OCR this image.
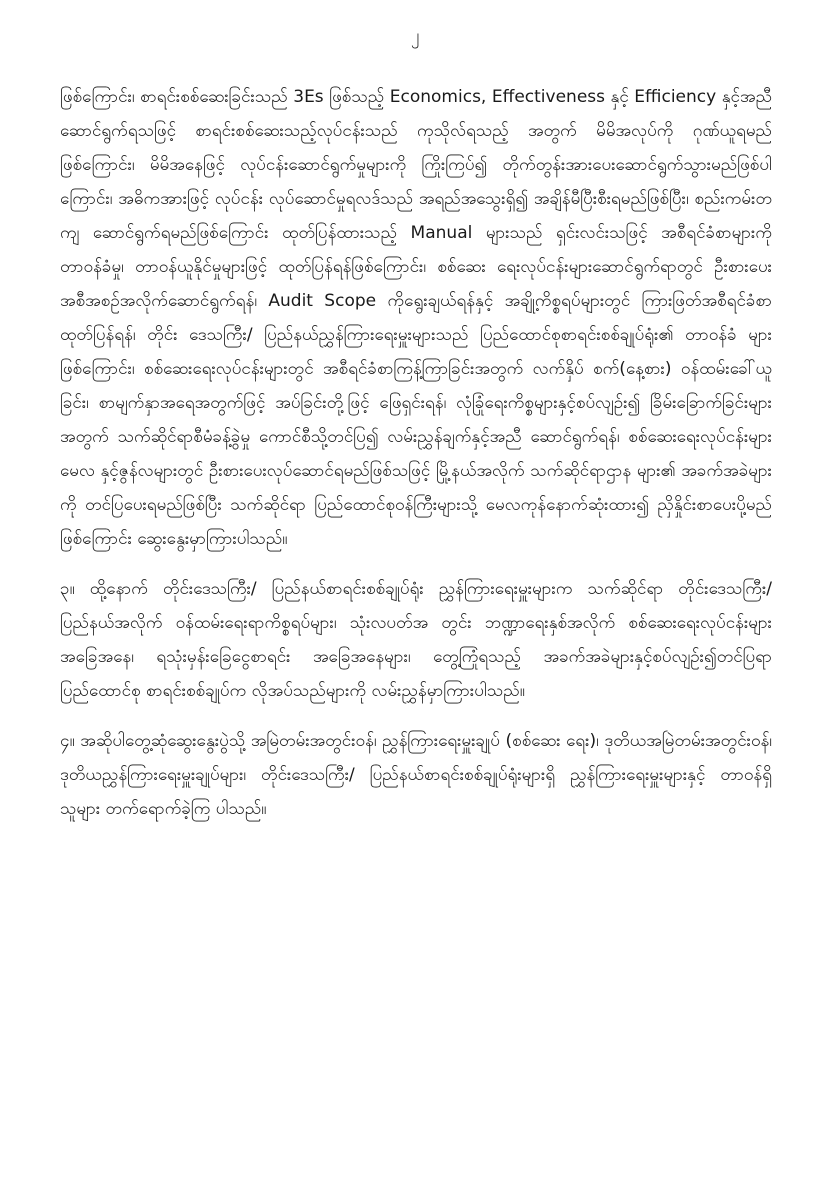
၂

ဖြစ်ကြောင်း၊ စာရင်းစစ်ဆေးခြင်းသည် 3Es ဖြစ်သည့် Economics, Effectiveness နှင့် Efficiency နှင့်အညီ ဆောင်ရွက်ရသဖြင့် စာရင်းစစ်ဆေးသည့်လုပ်ငန်းသည် ကုသိုလ်ရသည့် အတွက် မိမိအလုပ်ကို ဂုဏ်ယူရမည်ဖြစ်ကြောင်း၊ မိမိအနေဖြင့် လုပ်ငန်းဆောင်ရွက်မှုများကို ကြိုးကြပ်၍ တိုက်တွန်းအားပေးဆောင်ရွက်သွားမည်ဖြစ်ပါကြောင်း၊ အဓိကအားဖြင့် လုပ်ငန်း လုပ်ဆောင်မှုရလဒ်သည် အရည်အသွေးရှိ၍ အချိန်မီပြီးစီးရမည်ဖြစ်ပြီး၊ စည်းကမ်းတကျ ဆောင်ရွက်ရမည်ဖြစ်ကြောင်း ထုတ်ပြန်ထားသည့် Manual များသည် ရှင်းလင်းသဖြင့် အစီရင်ခံစာများကို တာဝန်ခံမှု၊ တာဝန်ယူနိုင်မှုများဖြင့် ထုတ်ပြန်ရန်ဖြစ်ကြောင်း၊ စစ်ဆေး ရေးလုပ်ငန်းများဆောင်ရွက်ရာတွင် ဦးစားပေးအစီအစဉ်အလိုက်ဆောင်ရွက်ရန်၊ Audit Scope ကိုရွေးချယ်ရန်နှင့် အချို့ကိစ္စရပ်များတွင် ကြားဖြတ်အစီရင်ခံစာထုတ်ပြန်ရန်၊ တိုင်း ဒေသကြီး/ ပြည်နယ်ညွှန်ကြားရေးမှူးများသည် ပြည်ထောင်စုစာရင်းစစ်ချုပ်ရုံး၏ တာဝန်ခံ များဖြစ်ကြောင်း၊ စစ်ဆေးရေးလုပ်ငန်းများတွင် အစီရင်ခံစာကြန့်ကြာခြင်းအတွက် လက်နှိပ် စက်(နေ့စား) ဝန်ထမ်းခေါ်ယူခြင်း၊ စာမျက်နှာအရေအတွက်ဖြင့် အပ်ခြင်းတို့ဖြင့် ဖြေရှင်းရန်၊ လုံခြုံရေးကိစ္စများနှင့်စပ်လျဉ်း၍ ခြိမ်းခြောက်ခြင်းများအတွက် သက်ဆိုင်ရာစီမံခန့်ခွဲမှု ကောင်စီသို့တင်ပြ၍ လမ်းညွှန်ချက်နှင့်အညီ ဆောင်ရွက်ရန်၊ စစ်ဆေးရေးလုပ်ငန်းများ မေလ နှင့်ဇွန်လများတွင် ဦးစားပေးလုပ်ဆောင်ရမည်ဖြစ်သဖြင့် မြို့နယ်အလိုက် သက်ဆိုင်ရာဌာန များ၏ အခက်အခဲများကို တင်ပြပေးရမည်ဖြစ်ပြီး သက်ဆိုင်ရာ ပြည်ထောင်စုဝန်ကြီးများသို့ မေလကုန်နောက်ဆုံးထား၍ ညှိနှိုင်းစာပေးပို့မည်ဖြစ်ကြောင်း ဆွေးနွေးမှာကြားပါသည်။

၃။ ထို့နောက် တိုင်းဒေသကြီး/ ပြည်နယ်စာရင်းစစ်ချုပ်ရုံး ညွှန်ကြားရေးမှူးများက သက်ဆိုင်ရာ တိုင်းဒေသကြီး/ ပြည်နယ်အလိုက် ဝန်ထမ်းရေးရာကိစ္စရပ်များ၊ သုံးလပတ်အ တွင်း ဘဏ္ဍာရေးနှစ်အလိုက် စစ်ဆေးရေးလုပ်ငန်းများအခြေအနေ၊ ရသုံးမှန်းခြေငွေစာရင်း အခြေအနေများ၊ တွေ့ကြုံရသည့် အခက်အခဲများနှင့်စပ်လျဉ်း၍တင်ပြရာ ပြည်ထောင်စု စာရင်းစစ်ချုပ်က လိုအပ်သည်များကို လမ်းညွှန်မှာကြားပါသည်။

၄။ အဆိုပါတွေ့ဆုံဆွေးနွေးပွဲသို့ အမြဲတမ်းအတွင်းဝန်၊ ညွှန်ကြားရေးမှူးချုပ် (စစ်ဆေး ရေး)၊ ဒုတိယအမြဲတမ်းအတွင်းဝန်၊ ဒုတိယညွှန်ကြားရေးမှူးချုပ်များ၊ တိုင်းဒေသကြီး/ ပြည်နယ်စာရင်းစစ်ချုပ်ရုံးများရှိ ညွှန်ကြားရေးမှူးများနှင့် တာဝန်ရှိသူများ တက်ရောက်ခဲ့ကြ ပါသည်။
